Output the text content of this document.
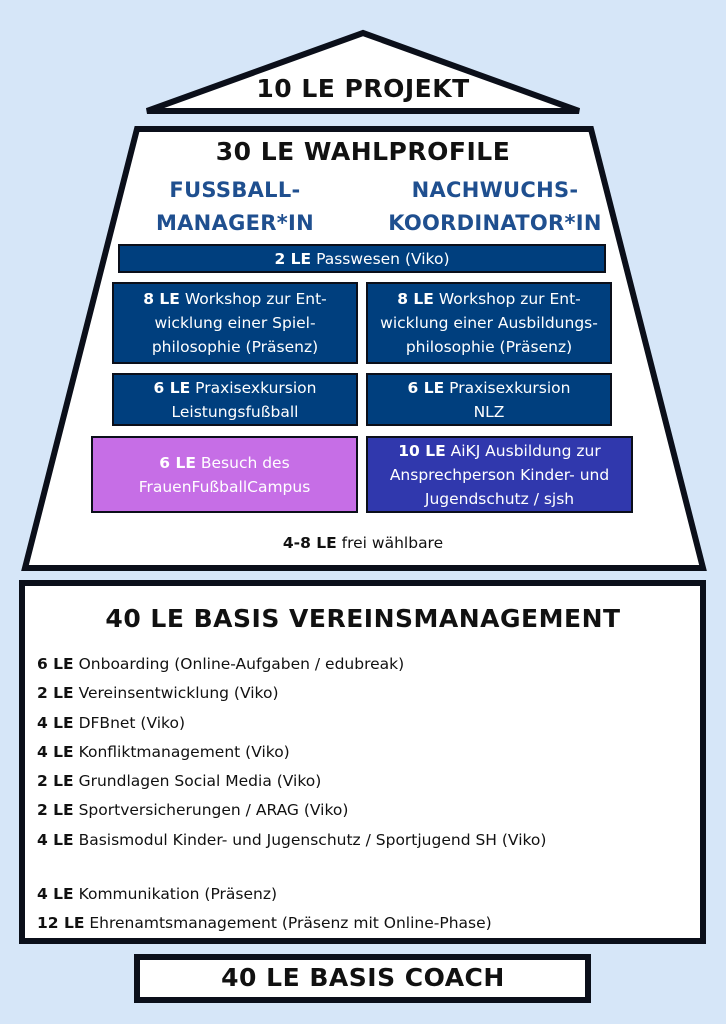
10 LE PROJEKT
30 LE WAHLPROFILE
FUSSBALL-
MANAGER*IN
NACHWUCHS-
KOORDINATOR*IN
2 LE Passwesen (Viko)
8 LE Workshop zur Ent-
wicklung einer Spiel-
philosophie (Präsenz)
8 LE Workshop zur Ent-
wicklung einer Ausbildungs-
philosophie (Präsenz)
6 LE Praxisexkursion
Leistungsfußball
6 LE Praxisexkursion
NLZ
6 LE Besuch des
FrauenFußballCampus
10 LE AiKJ Ausbildung zur
Ansprechperson Kinder- und
Jugendschutz / sjsh
4-8 LE frei wählbare
40 LE BASIS VEREINSMANAGEMENT
6 LE Onboarding (Online-Aufgaben / edubreak)
2 LE Vereinsentwicklung (Viko)
4 LE DFBnet (Viko)
4 LE Konfliktmanagement (Viko)
2 LE Grundlagen Social Media (Viko)
2 LE Sportversicherungen / ARAG (Viko)
4 LE Basismodul Kinder- und Jugenschutz / Sportjugend SH (Viko)
4 LE Kommunikation (Präsenz)
12 LE Ehrenamtsmanagement (Präsenz mit Online-Phase)
40 LE BASIS COACH
